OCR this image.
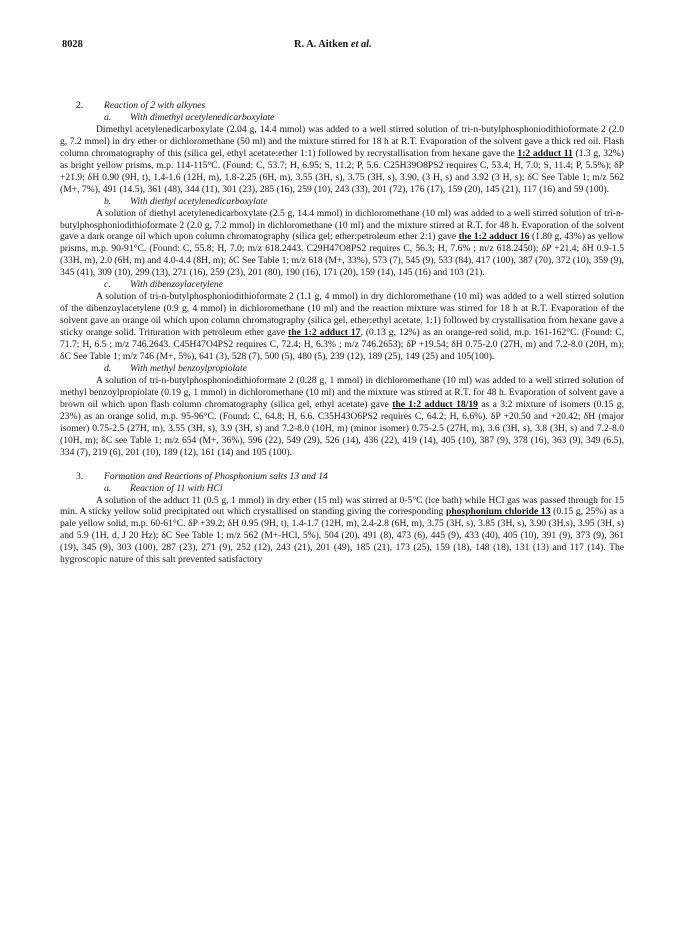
8028	R. A. Aitken et al.
2.	Reaction of 2 with alkynes
a.	With dimethyl acetylenedicarboxylate

Dimethyl acetylenedicarboxylate (2.04 g, 14.4 mmol) was added to a well stirred solution of tri-n-butylphosphoniodithioformate 2 (2.0 g, 7.2 mmol) in dry ether or dichloromethane (50 ml) and the mixture stirred for 18 h at R.T. Evaporation of the solvent gave a thick red oil. Flash column chromatography of this (silica gel, ethyl acetate:ether 1:1) followed by recrystallisation from hexane gave the 1:2 adduct 11 (1.3 g, 32%) as bright yellow prisms, m.p. 114-115°C. (Found: C, 53.7; H, 6.95; S, 11.2; P, 5.6. C25H39O8PS2 requires C, 53.4; H, 7.0; S, 11.4; P, 5.5%); δP +21.9; δH 0.90 (9H, t), 1.4-1.6 (12H, m), 1.8-2.25 (6H, m), 3.55 (3H, s), 3.75 (3H, s), 3.90, (3 H, s) and 3.92 (3 H, s); δC See Table 1; m/z 562 (M+, 7%), 491 (14.5), 361 (48), 344 (11), 301 (23), 285 (16), 259 (10), 243 (33), 201 (72), 176 (17), 159 (20), 145 (21), 117 (16) and 59 (100).

b.	With diethyl acetylenedicarboxylate

A solution of diethyl acetylenedicarboxylate (2.5 g, 14.4 mmol) in dichloromethane (10 ml) was added to a well stirred solution of tri-n-butylphosphoniodithioformate 2 (2.0 g, 7.2 mmol) in dichloromethane (10 ml) and the mixture stirred at R.T. for 48 h. Evaporation of the solvent gave a dark orange oil which upon column chromatography (silica gel; ether:petroleum ether 2:1) gave the 1:2 adduct 16 (1.80 g, 43%) as yellow prisms, m.p. 90-91°C. (Found: C, 55.8; H, 7.0; m/z 618.2443. C29H47O8PS2 requires C, 56.3; H, 7.6% ; m/z 618.2450); δP +21.4; δH 0.9-1.5 (33H, m), 2.0 (6H, m) and 4.0-4.4 (8H, m); δC See Table 1; m/z 618 (M+, 33%), 573 (7), 545 (9), 533 (84), 417 (100), 387 (70), 372 (10), 359 (9), 345 (41), 309 (10), 299 (13), 271 (16), 259 (23), 201 (80), 190 (16), 171 (20), 159 (14), 145 (16) and 103 (21).

c.	With dibenzoylacetylene

A solution of tri-n-butylphosphoniodithioformate 2 (1.1 g, 4 mmol) in dry dichloromethane (10 ml) was added to a well stirred solution of the dibenzoylacetylene (0.9 g, 4 mmol) in dichloromethane (10 ml) and the reaction mixture was stirred for 18 h at R.T. Evaporation of the solvent gave an orange oil which upon column chromatography (silica gel, ether:ethyl acetate, 1:1) followed by crystallisation from hexane gave a sticky orange solid. Trituration with petroleum ether gave the 1:2 adduct 17, (0.13 g, 12%) as an orange-red solid, m.p. 161-162°C. (Found: C, 71.7; H, 6.5 ; m/z 746.2643. C45H47O4PS2 requires C, 72.4; H, 6.3% ; m/z 746.2653); δP +19.54; δH 0.75-2.0 (27H, m) and 7.2-8.0 (20H, m); δC See Table 1; m/z 746 (M+, 5%), 641 (3), 528 (7), 500 (5), 480 (5), 239 (12), 189 (25), 149 (25) and 105(100).

d.	With methyl benzoylpropiolate

A solution of tri-n-butylphosphoniodithioformate 2 (0.28 g, 1 mmol) in dichloromethane (10 ml) was added to a well stirred solution of methyl benzoylpropiolate (0.19 g, 1 mmol) in dichloromethane (10 ml) and the mixture was stirred at R.T. for 48 h. Evaporation of solvent gave a brown oil which upon flash column chromatography (silica gel, ethyl acetate) gave the 1:2 adduct 18/19 as a 3:2 mixture of isomers (0.15 g, 23%) as an orange solid, m.p. 95-96°C. (Found: C, 64.8; H, 6.6. C35H43O6PS2 requires C, 64.2; H, 6.6%). δP +20.50 and +20.42; δH (major isomer) 0.75-2.5 (27H, m), 3.55 (3H, s), 3.9 (3H, s) and 7.2-8.0 (10H, m) (minor isomer) 0.75-2.5 (27H, m), 3.6 (3H, s), 3.8 (3H, s) and 7.2-8.0 (10H, m); δC see Table 1; m/z 654 (M+, 36%), 596 (22), 549 (29), 526 (14), 436 (22), 419 (14), 405 (10), 387 (9), 378 (16), 363 (9), 349 (6.5), 334 (7), 219 (6), 201 (10), 189 (12), 161 (14) and 105 (100).

3.	Formation and Reactions of Phosphonium salts 13 and 14
a.	Reaction of 11 with HCl

A solution of the adduct 11 (0.5 g, 1 mmol) in dry ether (15 ml) was stirred at 0-5°C (ice bath) while HCl gas was passed through for 15 min. A sticky yellow solid precipitated out which crystallised on standing giving the corresponding phosphonium chloride 13 (0.15 g, 25%) as a pale yellow solid, m.p. 60-61°C. δP +39.2; δH 0.95 (9H, t), 1.4-1.7 (12H, m), 2.4-2.8 (6H, m), 3.75 (3H, s), 3.85 (3H, s), 3.90 (3H,s), 3.95 (3H, s) and 5.9 (1H, d, J 20 Hz); δC See Table 1; m/z 562 (M+-HCl, 5%), 504 (20), 491 (8), 473 (6), 445 (9), 433 (40), 405 (10), 391 (9), 373 (9), 361 (19), 345 (9), 303 (100), 287 (23), 271 (9), 252 (12), 243 (21), 201 (49), 185 (21), 173 (25), 159 (18), 148 (18), 131 (13) and 117 (14). The hygroscopic nature of this salt prevented satisfactory
